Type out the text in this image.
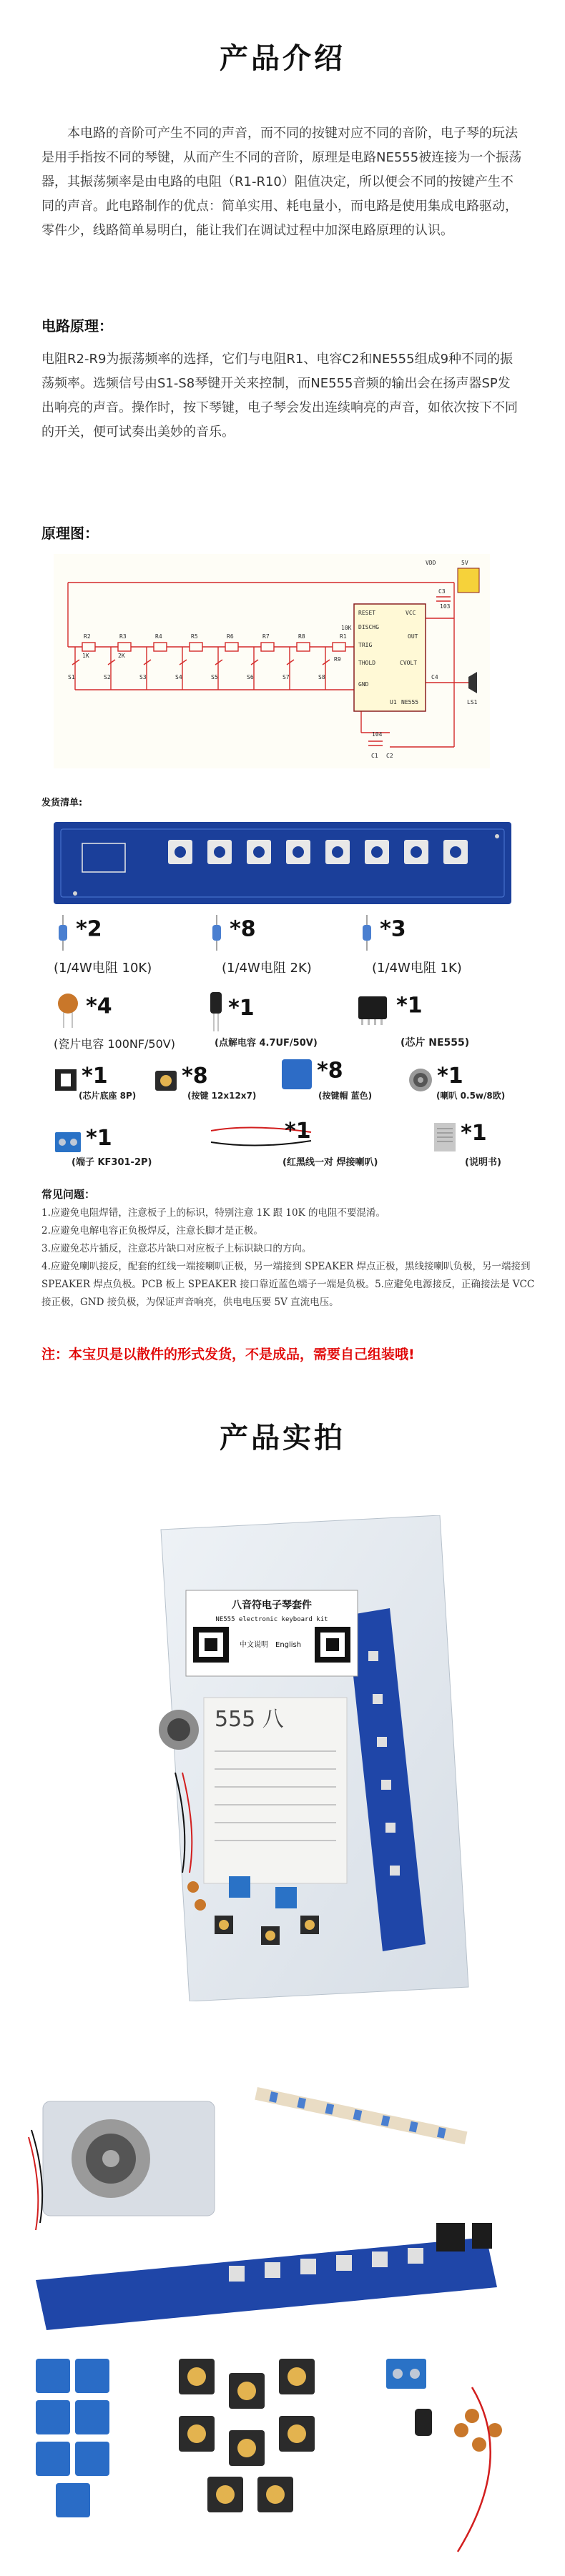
产品介绍
本电路的音阶可产生不同的声音，而不同的按键对应不同的音阶，电子琴的玩法是用手指按不同的琴键，从而产生不同的音阶，原理是电路NE555被连接为一个振荡器，其振荡频率是由电路的电阻（R1-R10）阻值决定，所以便会不同的按键产生不同的声音。此电路制作的优点：简单实用、耗电量小，而电路是使用集成电路驱动，零件少，线路简单易明白，能让我们在调试过程中加深电路原理的认识。
电路原理：
电阻R2-R9为振荡频率的选择，它们与电阻R1、电容C2和NE555组成9种不同的振荡频率。选频信号由S1-S8琴键开关来控制，而NE555音频的输出会在扬声器SP发出响亮的声音。操作时，按下琴键，电子琴会发出连续响亮的声音，如依次按下不同的开关，便可试奏出美妙的音乐。
原理图：
RESET	VCC
DISCHG
OUT
TRIG
THOLD	CVOLT
GND
U1 NE555
C1 C2
C3
C4
R1
R2	R3	R4	R5	R6	R7	R8
R9
LS1
S1	S2	S3	S4	S5	S6	S7	S8
VDD	5V
104
103
1K	2K
10K
发货清单:
*2
(1/4W电阻 10K)
*8
(1/4W电阻 2K)
*3
(1/4W电阻 1K)
*4
(瓷片电容 100NF/50V)
*1
(点解电容 4.7UF/50V)
*1
(芯片 NE555)
*1
(芯片底座 8P)
*8
(按键 12x12x7)
*8
(按键帽 蓝色)
*1
(喇叭 0.5w/8欧)
*1
(端子 KF301-2P)
*1
(红黑线一对 焊接喇叭)
*1
(说明书)
常见问题：
1.应避免电阻焊错，注意板子上的标识，特别注意 1K 跟 10K 的电阻不要混淆。
2.应避免电解电容正负极焊反，注意长脚才是正极。
3.应避免芯片插反，注意芯片缺口对应板子上标识缺口的方向。
4.应避免喇叭接反，配套的红线一端接喇叭正极，另一端接到 SPEAKER 焊点正极，黑线接喇叭负极，另一端接到 SPEAKER 焊点负极。PCB 板上 SPEAKER 接口靠近蓝色端子一端是负极。5.应避免电源接反，正确接法是 VCC 接正极，GND 接负极，为保证声音响亮，供电电压要 5V 直流电压。
注：本宝贝是以散件的形式发货，不是成品，需要自己组装哦!
产品实拍
八音符电子琴套件
NE555 electronic keyboard kit
中文说明 English
555 八
